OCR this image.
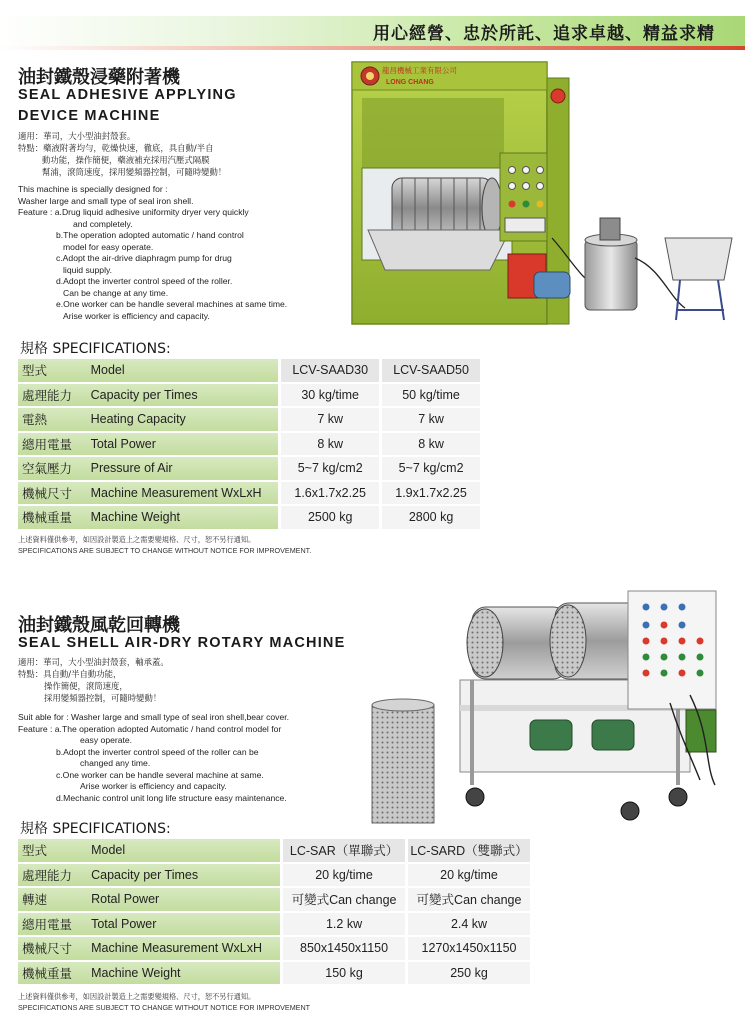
用心經營、忠於所託、追求卓越、精益求精
油封鐵殼浸藥附著機
SEAL ADHESIVE APPLYING
DEVICE MACHINE
適用：華司，大小型油封殼套。
特點：藥液附著均勻，乾燥快速，徹底，具自動/半自
動功能，操作簡便，藥液補充採用汽壓式隔膜
幫浦，滾筒速度，採用變頻器控制，可隨時變動！
This machine is specially designed for :
Washer large and small type of seal iron shell.
Feature : a.Drug liquid adhesive uniformity dryer very quickly
and completely.
b.The operation adopted automatic / hand control
model for easy operate.
c.Adopt the air-drive diaphragm pump for drug
liquid supply.
d.Adopt the inverter control speed of the roller.
Can be change at any time.
e.One worker can be handle several machines at same time.
Arise worker is efficiency and capacity.
龍昌機械工業有限公司
LONG CHANG
規格 SPECIFICATIONS:
型式	Model	LCV-SAAD30	LCV-SAAD50
處理能力	Capacity per Times	30 kg/time	50 kg/time
電熱	Heating Capacity	7 kw	7 kw
總用電量	Total Power	8 kw	8 kw
空氣壓力	Pressure of Air	5~7 kg/cm2	5~7 kg/cm2
機械尺寸	Machine Measurement WxLxH	1.6x1.7x2.25	1.9x1.7x2.25
機械重量	Machine Weight	2500 kg	2800 kg
上述資料僅供參考，如因設計製造上之需要變規格、尺寸，恕不另行通知。
SPECIFICATIONS ARE SUBJECT TO CHANGE WITHOUT NOTICE FOR IMPROVEMENT.
油封鐵殼風乾回轉機
SEAL SHELL AIR-DRY ROTARY MACHINE
適用：華司，大小型油封殼套，軸承蓋。
特點：具自動/半自動功能，
操作簡便，滾筒速度，
採用變頻器控制，可隨時變動！
Suit able for : Washer large and small type of seal iron shell,bear cover.
Feature : a.The operation adopted Automatic / hand control model for
easy operate.
b.Adopt the inverter control speed of the roller can be
changed any time.
c.One worker can be handle several machine at same.
Arise worker is efficiency and capacity.
d.Mechanic control unit long life structure easy maintenance.
規格 SPECIFICATIONS:
型式	Model	LC-SAR（單聯式）	LC-SARD（雙聯式）
處理能力	Capacity per Times	20 kg/time	20 kg/time
轉速	Rotal Power	可變式Can change	可變式Can change
總用電量	Total Power	1.2 kw	2.4 kw
機械尺寸	Machine Measurement WxLxH	850x1450x1150	1270x1450x1150
機械重量	Machine Weight	150 kg	250 kg
上述資料僅供參考，如因設計製造上之需要變規格、尺寸，恕不另行通知。
SPECIFICATIONS ARE SUBJECT TO CHANGE WITHOUT NOTICE FOR IMPROVEMENT
